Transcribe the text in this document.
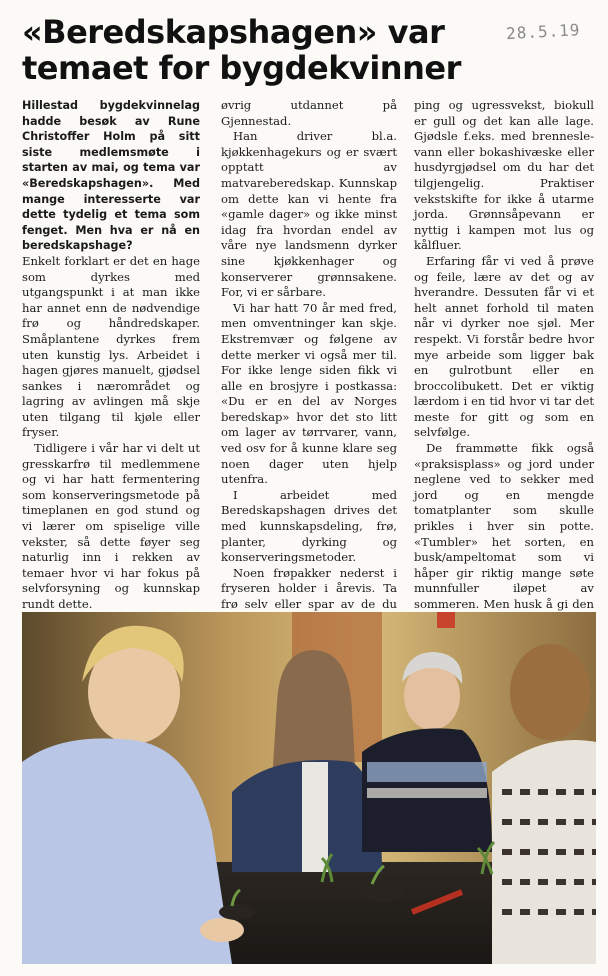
28.5.19
«Beredskapshagen» var temaet for bygdekvinner

Hillestad bygdekvinnelag hadde besøk av Rune Christoffer Holm på sitt siste medlemsmøte i starten av mai, og tema var «Beredskapshagen». Med mange interesserte var dette tydelig et tema som fenget. Men hva er nå en beredskapshage?

Enkelt forklart er det en hage som dyrkes med utgangspunkt i at man ikke har annet enn de nødvendige frø og håndredskaper. Småplantene dyrkes frem uten kunstig lys. Arbeidet i hagen gjøres manuelt, gjødsel sankes i nærområdet og lagring av avlingen må skje uten tilgang til kjøle eller fryser.

Tidligere i vår har vi delt ut gresskarfrø til medlemmene og vi har hatt fermentering som konserveringsmetode på timeplanen en god stund og vi lærer om spiselige ville vekster, så dette føyer seg naturlig inn i rekken av temaer hvor vi har fokus på selvforsyning og kunnskap rundt dette.

øvrig utdannet på Gjennestad.

Han driver bl.a. kjøkkenhagekurs og er svært opptatt av matvareberedskap. Kunnskap om dette kan vi hente fra «gamle dager» og ikke minst idag fra hvordan endel av våre nye landsmenn dyrker sine kjøkkenhager og konserverer grønnsakene. For, vi er sårbare.

Vi har hatt 70 år med fred, men omventninger kan skje. Ekstremvær og følgene av dette merker vi også mer til. For ikke lenge siden fikk vi alle en brosjyre i postkassa: «Du er en del av Norges beredskap» hvor det sto litt om lager av tørrvarer, vann, ved osv for å kunne klare seg noen dager uten hjelp utenfra.

I arbeidet med Beredskapshagen drives det med kunnskapsdeling, frø, planter, dyrking og konserveringsmetoder.

Noen frøpakker nederst i fryseren holder i årevis. Ta frø selv eller spar av de du

ping og ugressvekst, biokull er gull og det kan alle lage. Gjødsle f.eks. med brenneslevann eller bokashivæske eller husdyrgjødsel om du har det tilgjengelig. Praktiser vekstskifte for ikke å utarme jorda. Grønnsåpevann er nyttig i kampen mot lus og kålfluer.

Erfaring får vi ved å prøve og feile, lære av det og av hverandre. Dessuten får vi et helt annet forhold til maten når vi dyrker noe sjøl. Mer respekt. Vi forstår bedre hvor mye arbeide som ligger bak en gulrotbunt eller en broccolibukett. Det er viktig lærdom i en tid hvor vi tar det meste for gitt og som en selvfølge.

De frammøtte fikk også «praksisplass» og jord under neglene ved to sekker med jord og en mengde tomatplanter som skulle prikles i hver sin potte. «Tumbler» het sorten, en busk/ampeltomat som vi håper gir riktig mange søte munnfuller iløpet av sommeren. Men husk å gi den
